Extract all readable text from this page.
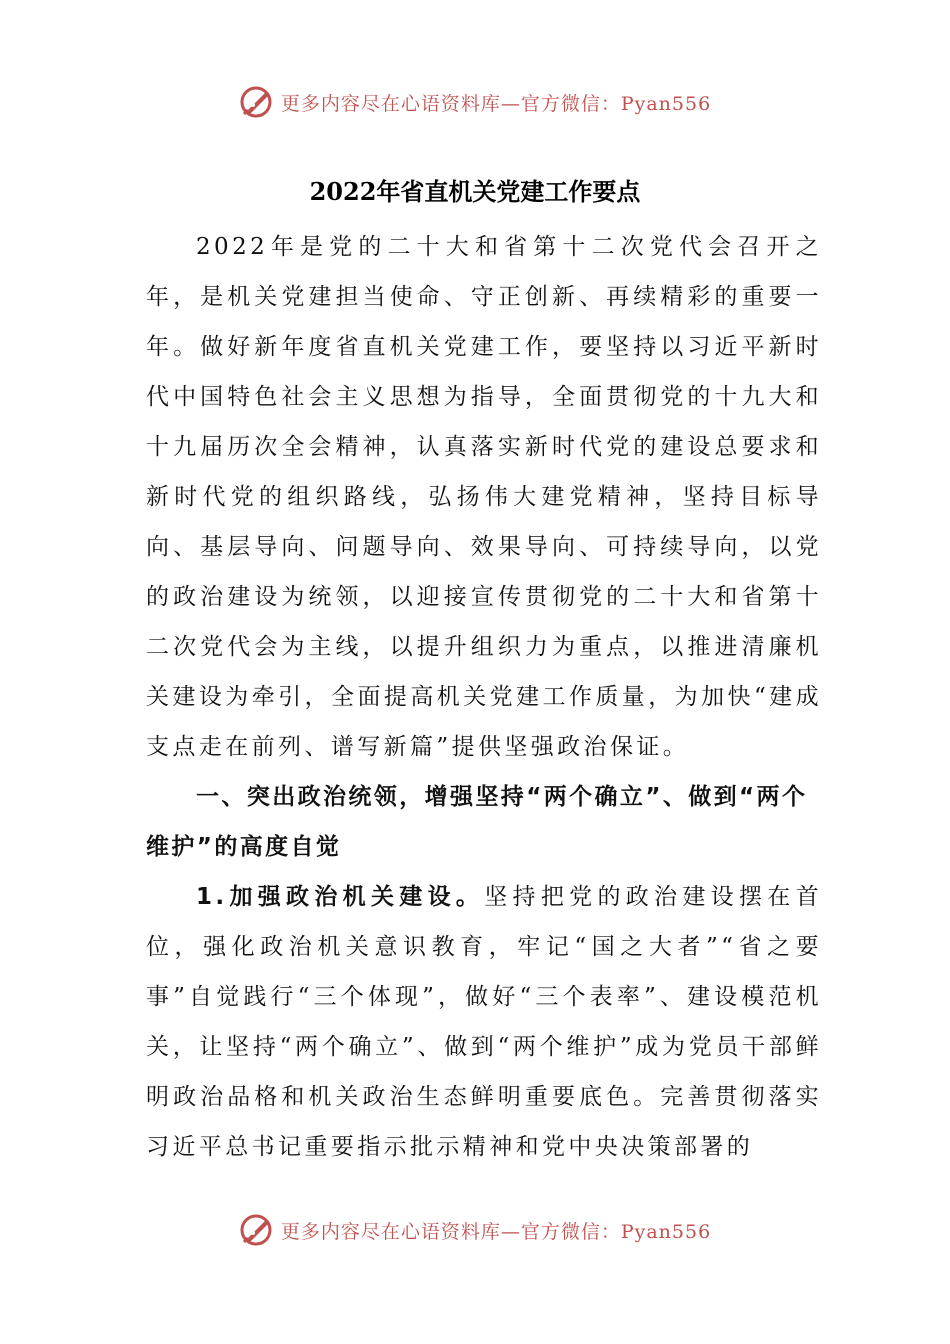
更多内容尽在心语资料库—官方微信：Pyan556
2022年省直机关党建工作要点

2022年是党的二十大和省第十二次党代会召开之年，是机关党建担当使命、守正创新、再续精彩的重要一年。做好新年度省直机关党建工作，要坚持以习近平新时代中国特色社会主义思想为指导，全面贯彻党的十九大和十九届历次全会精神，认真落实新时代党的建设总要求和新时代党的组织路线，弘扬伟大建党精神，坚持目标导向、基层导向、问题导向、效果导向、可持续导向，以党的政治建设为统领，以迎接宣传贯彻党的二十大和省第十二次党代会为主线，以提升组织力为重点，以推进清廉机关建设为牵引，全面提高机关党建工作质量，为加快“建成支点走在前列、谱写新篇”提供坚强政治保证。

一、突出政治统领，增强坚持“两个确立”、做到“两个维护”的高度自觉

1.加强政治机关建设。坚持把党的政治建设摆在首位，强化政治机关意识教育，牢记“国之大者”“省之要事”自觉践行“三个体现”，做好“三个表率”、建设模范机关，让坚持“两个确立”、做到“两个维护”成为党员干部鲜明政治品格和机关政治生态鲜明重要底色。完善贯彻落实习近平总书记重要指示批示精神和党中央决策部署的

更多内容尽在心语资料库—官方微信：Pyan556
